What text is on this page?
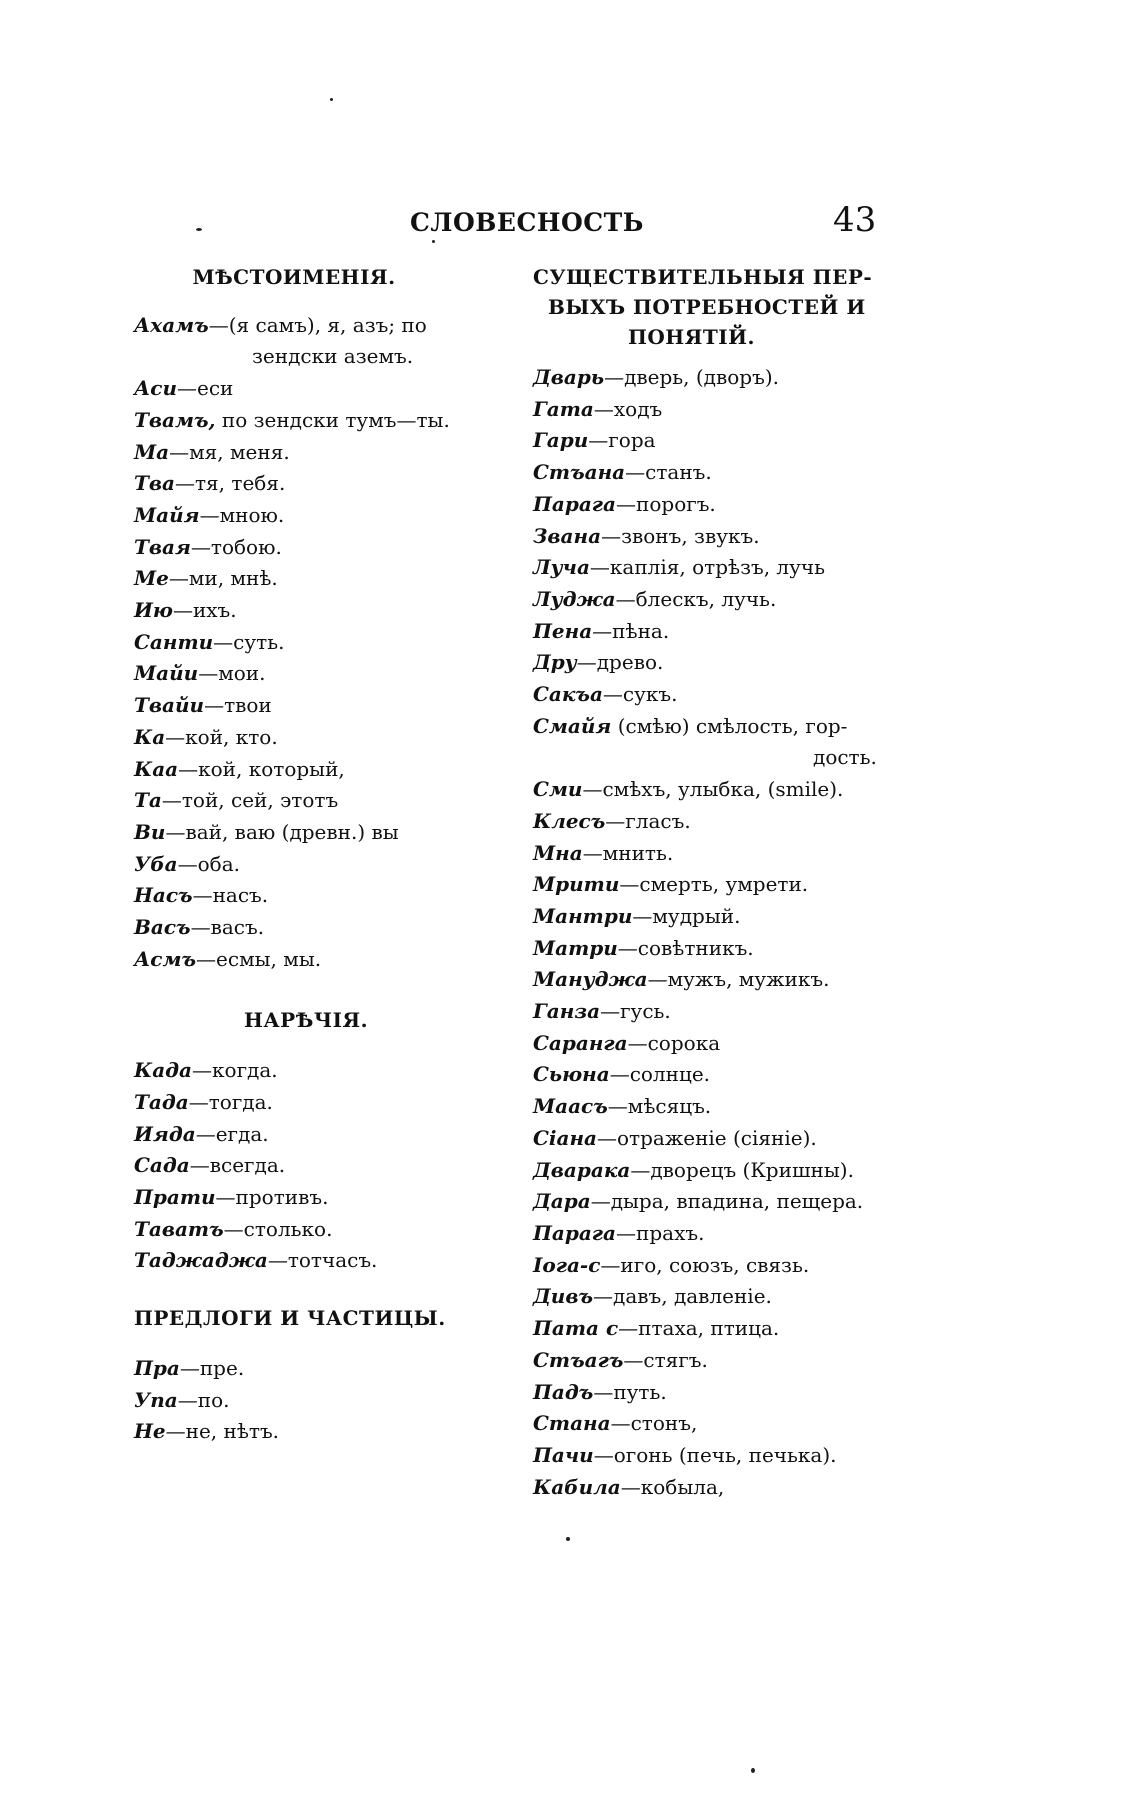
СЛОВЕСНОСТЬ	43
МѢСТОИМЕНІЯ.
Ахамъ—(я самъ), я, азъ; по
зендски аземъ.
Аси—еси
Твамъ, по зендски тумъ—ты.
Ма—мя, меня.
Тва—тя, тебя.
Майя—мною.
Твая—тобою.
Ме—ми, мнѣ.
Ию—ихъ.
Санти—суть.
Майи—мои.
Твайи—твои
Ка—кой, кто.
Каа—кой, который,
Та—той, сей, этотъ
Ви—вай, ваю (древн.) вы
Уба—оба.
Насъ—насъ.
Васъ—васъ.
Асмъ—есмы, мы.
НАРѢЧІЯ.
Када—когда.
Тада—тогда.
Ияда—егда.
Сада—всегда.
Прати—противъ.
Таватъ—столько.
Таджаджа—тотчасъ.
ПРЕДЛОГИ И ЧАСТИЦЫ.
Пра—пре.
Упа—по.
Не—не, нѣтъ.
СУЩЕСТВИТЕЛЬНЫЯ ПЕР-
ВЫХЪ ПОТРЕБНОСТЕЙ И
ПОНЯТІЙ.
Дварь—дверь, (дворъ).
Гата—ходъ
Гари—гора
Стъана—станъ.
Парага—порогъ.
Звана—звонъ, звукъ.
Луча—каплія, отрѣзъ, лучь
Луджа—блескъ, лучь.
Пена—пѣна.
Дру—древо.
Сакъа—сукъ.
Смайя (смѣю) смѣлость, гор-
дость.
Сми—смѣхъ, улыбка, (smile).
Клесъ—гласъ.
Мна—мнить.
Мрити—смерть, умрети.
Мантри—мудрый.
Матри—совѣтникъ.
Мануджа—мужъ, мужикъ.
Ганза—гусь.
Саранга—сорока
Сьюна—солнце.
Маасъ—мѣсяцъ.
Сіана—отраженіе (сіяніе).
Дварака—дворецъ (Кришны).
Дара—дыра, впадина, пещера.
Парага—прахъ.
Іога-с—иго, союзъ, связь.
Дивъ—давъ, давленіе.
Пата с—птаха, птица.
Стъагъ—стягъ.
Падъ—путь.
Стана—стонъ,
Пачи—огонь (печь, печька).
Кабила—кобыла,
